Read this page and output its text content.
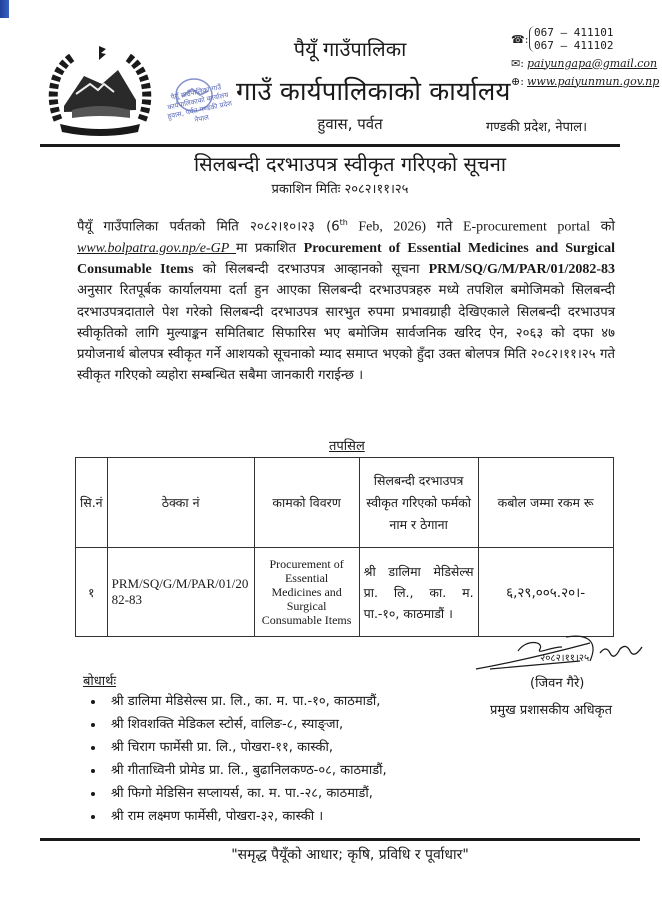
पैयूँ गाउँपालिका गाउँ कार्यपालिकाको कार्यालय हुवास, पर्वत गण्डकी प्रदेश नेपाल
पैयूँ गाउँपालिका
गाउँ कार्यपालिकाको कार्यालय
हुवास, पर्वत	गण्डकी प्रदेश, नेपाल।
☎: 067 – 411101
067 – 411102
✉: paiyungapa@gmail.con
⊕: www.paiyunmun.gov.np
सिलबन्दी दरभाउपत्र स्वीकृत गरिएको सूचना
प्रकाशिन मितिः २०८२।११।२५
पैयूँ गाउँपालिका पर्वतको मिति २०८२।१०।२३ (6th Feb, 2026) गते E-procurement portal को www.bolpatra.gov.np/e-GP मा प्रकाशित Procurement of Essential Medicines and Surgical Consumable Items को सिलबन्दी दरभाउपत्र आव्हानको सूचना PRM/SQ/G/M/PAR/01/2082-83 अनुसार रितपूर्बक कार्यालयमा दर्ता हुन आएका सिलबन्दी दरभाउपत्रहरु मध्ये तपशिल बमोजिमको सिलबन्दी दरभाउपत्रदाताले पेश गरेको सिलबन्दी दरभाउपत्र सारभुत रुपमा प्रभावग्राही देखिएकाले सिलबन्दी दरभाउपत्र स्वीकृतिको लागि मुल्याङ्कन समितिबाट सिफारिस भए बमोजिम सार्वजनिक खरिद ऐन, २०६३ को दफा ४७ प्रयोजनार्थ बोलपत्र स्वीकृत गर्ने आशयको सूचनाको म्याद समाप्त भएको हुँदा उक्त बोलपत्र मिति २०८२।११।२५ गते स्वीकृत गरिएको व्यहोरा सम्बन्धित सबैमा जानकारी गराईन्छ ।
तपसिल
सि.नं	ठेक्का नं	कामको विवरण	सिलबन्दी दरभाउपत्र स्वीकृत गरिएको फर्मको नाम र ठेगाना	कबोल जम्मा रकम रू
१	PRM/SQ/G/M/PAR/01/2082-83	Procurement of Essential Medicines and Surgical Consumable Items	श्री डालिमा मेडिसेल्स प्रा. लि., का. म. पा.-१०, काठमाडौं ।	६,२९,००५.२०।-
२०८२।११।२५
(जिवन गैरे)
प्रमुख प्रशासकीय अधिकृत
बोधार्थः
• श्री डालिमा मेडिसेल्स प्रा. लि., का. म. पा.-१०, काठमाडौं,
• श्री शिवशक्ति मेडिकल स्टोर्स, वालिङ-८, स्याङ्जा,
• श्री चिराग फार्मेसी प्रा. लि., पोखरा-११, कास्की,
• श्री गीताध्विनी प्रोमेड प्रा. लि., बुढानिलकण्ठ-०८, काठमाडौं,
• श्री फिगो मेडिसिन सप्लायर्स, का. म. पा.-२८, काठमाडौं,
• श्री राम लक्ष्मण फार्मेसी, पोखरा-३२, कास्की ।
"समृद्ध पैयूँको आधार; कृषि, प्रविधि र पूर्वाधार"
